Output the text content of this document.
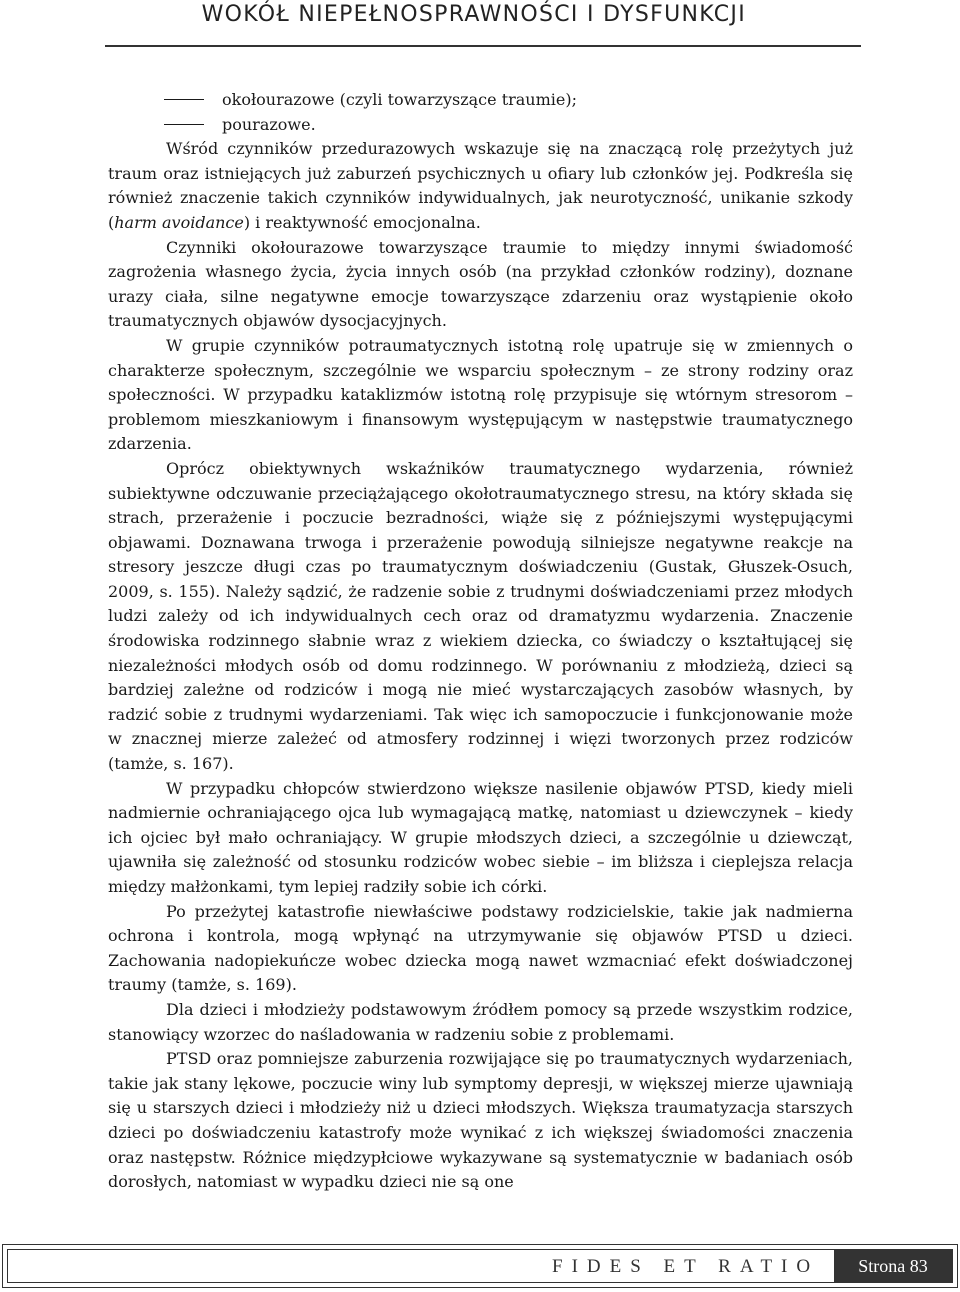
WOKÓŁ NIEPEŁNOSPRAWNOŚCI I DYSFUNKCJI
okołourazowe (czyli towarzyszące traumie);
pourazowe.

Wśród czynników przedurazowych wskazuje się na znaczącą rolę przeżytych już traum oraz istniejących już zaburzeń psychicznych u ofiary lub członków jej. Podkreśla się również znaczenie takich czynników indywidualnych, jak neurotyczność, unikanie szkody (harm avoidance) i reaktywność emocjonalna.

Czynniki okołourazowe towarzyszące traumie to między innymi świadomość zagrożenia własnego życia, życia innych osób (na przykład członków rodziny), doznane urazy ciała, silne negatywne emocje towarzyszące zdarzeniu oraz wystąpienie około traumatycznych objawów dysocjacyjnych.

W grupie czynników potraumatycznych istotną rolę upatruje się w zmiennych o charakterze społecznym, szczególnie we wsparciu społecznym – ze strony rodziny oraz społeczności. W przypadku kataklizmów istotną rolę przypisuje się wtórnym stresorom – problemom mieszkaniowym i finansowym występującym w następstwie traumatycznego zdarzenia.

Oprócz obiektywnych wskaźników traumatycznego wydarzenia, również subiektywne odczuwanie przeciążającego okołotraumatycznego stresu, na który składa się strach, przerażenie i poczucie bezradności, wiąże się z późniejszymi występującymi objawami. Doznawana trwoga i przerażenie powodują silniejsze negatywne reakcje na stresory jeszcze długi czas po traumatycznym doświadczeniu (Gustak, Głuszek-Osuch, 2009, s. 155). Należy sądzić, że radzenie sobie z trudnymi doświadczeniami przez młodych ludzi zależy od ich indywidualnych cech oraz od dramatyzmu wydarzenia. Znaczenie środowiska rodzinnego słabnie wraz z wiekiem dziecka, co świadczy o kształtującej się niezależności młodych osób od domu rodzinnego. W porównaniu z młodzieżą, dzieci są bardziej zależne od rodziców i mogą nie mieć wystarczających zasobów własnych, by radzić sobie z trudnymi wydarzeniami. Tak więc ich samopoczucie i funkcjonowanie może w znacznej mierze zależeć od atmosfery rodzinnej i więzi tworzonych przez rodziców (tamże, s. 167).

W przypadku chłopców stwierdzono większe nasilenie objawów PTSD, kiedy mieli nadmiernie ochraniającego ojca lub wymagającą matkę, natomiast u dziewczynek – kiedy ich ojciec był mało ochraniający. W grupie młodszych dzieci, a szczególnie u dziewcząt, ujawniła się zależność od stosunku rodziców wobec siebie – im bliższa i cieplejsza relacja między małżonkami, tym lepiej radziły sobie ich córki.

Po przeżytej katastrofie niewłaściwe podstawy rodzicielskie, takie jak nadmierna ochrona i kontrola, mogą wpłynąć na utrzymywanie się objawów PTSD u dzieci. Zachowania nadopiekuńcze wobec dziecka mogą nawet wzmacniać efekt doświadczonej traumy (tamże, s. 169).

Dla dzieci i młodzieży podstawowym źródłem pomocy są przede wszystkim rodzice, stanowiący wzorzec do naśladowania w radzeniu sobie z problemami.

PTSD oraz pomniejsze zaburzenia rozwijające się po traumatycznych wydarzeniach, takie jak stany lękowe, poczucie winy lub symptomy depresji, w większej mierze ujawniają się u starszych dzieci i młodzieży niż u dzieci młodszych. Większa traumatyzacja starszych dzieci po doświadczeniu katastrofy może wynikać z ich większej świadomości znaczenia oraz następstw. Różnice międzypłciowe wykazywane są systematycznie w badaniach osób dorosłych, natomiast w wypadku dzieci nie są one

FIDES ET RATIO	Strona 83
